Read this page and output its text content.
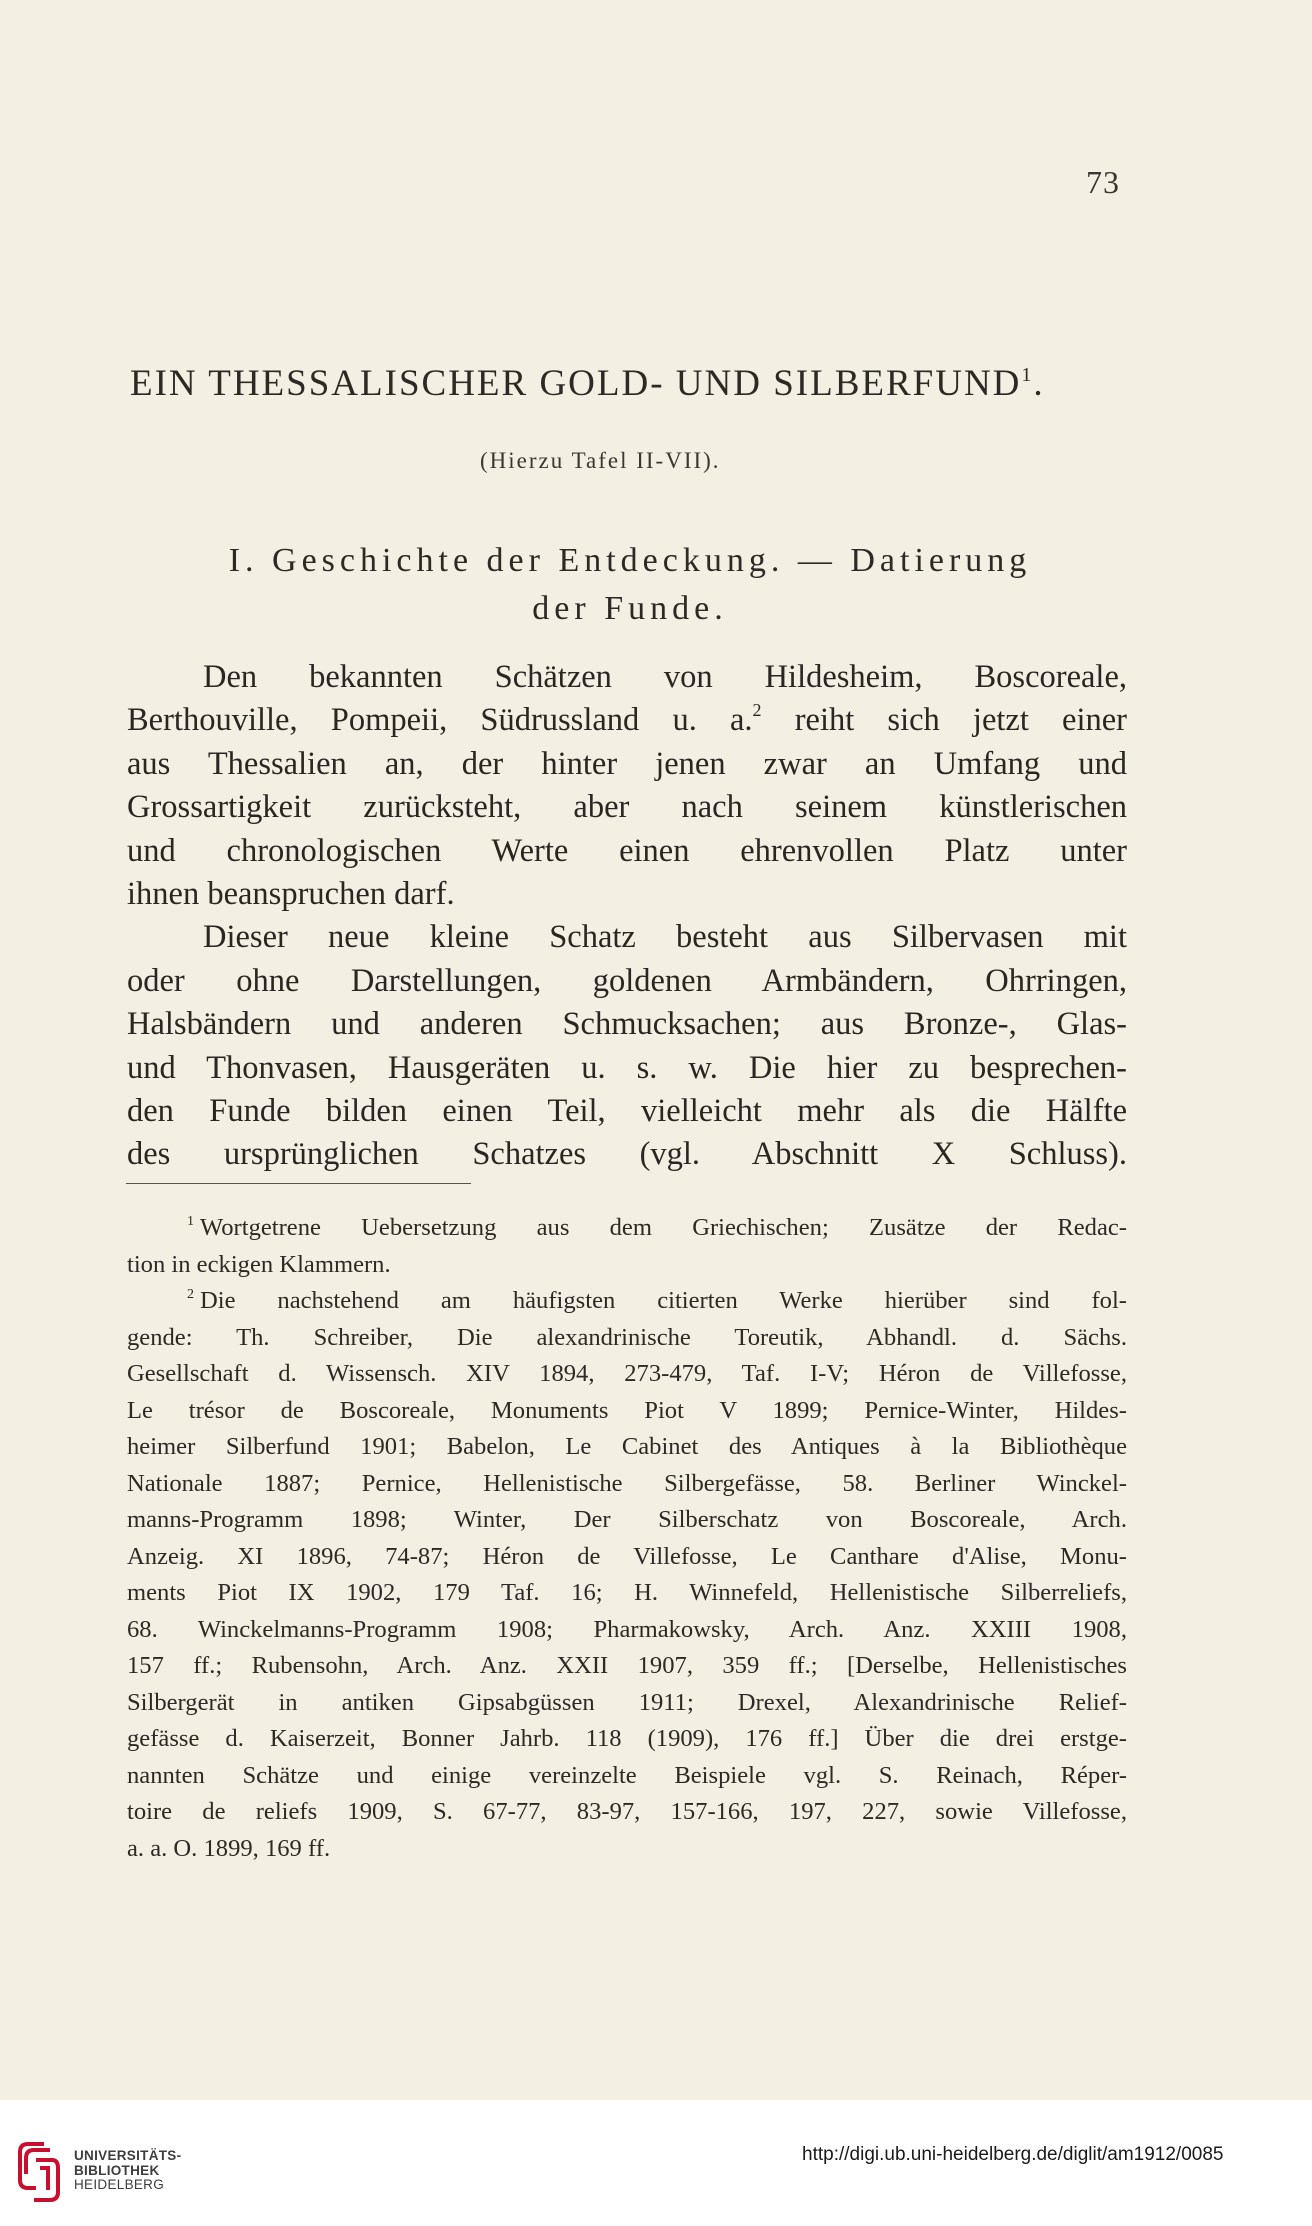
73
EIN THESSALISCHER GOLD- UND SILBERFUND$^1$.
(Hierzu Tafel II-VII).
I. Geschichte der Entdeckung. — Datierung
der Funde.
Den bekannten Schätzen von Hildesheim, Boscoreale,
Berthouville, Pompeii, Südrussland u. a.$^2$ reiht sich jetzt einer
aus Thessalien an, der hinter jenen zwar an Umfang und
Grossartigkeit zurücksteht, aber nach seinem künstlerischen
und chronologischen Werte einen ehrenvollen Platz unter
ihnen beanspruchen darf.
Dieser neue kleine Schatz besteht aus Silbervasen mit
oder ohne Darstellungen, goldenen Armbändern, Ohrringen,
Halsbändern und anderen Schmucksachen; aus Bronze-, Glas-
und Thonvasen, Hausgeräten u. s. w. Die hier zu besprechen-
den Funde bilden einen Teil, vielleicht mehr als die Hälfte
des ursprünglichen Schatzes (vgl. Abschnitt X Schluss).
$^1$ Wortgetrene Uebersetzung aus dem Griechischen; Zusätze der Redac-
tion in eckigen Klammern.
$^2$ Die nachstehend am häufigsten citierten Werke hierüber sind fol-
gende: Th. Schreiber, Die alexandrinische Toreutik, Abhandl. d. Sächs.
Gesellschaft d. Wissensch. XIV 1894, 273-479, Taf. I-V; Héron de Villefosse,
Le trésor de Boscoreale, Monuments Piot V 1899; Pernice-Winter, Hildes-
heimer Silberfund 1901; Babelon, Le Cabinet des Antiques à la Bibliothèque
Nationale 1887; Pernice, Hellenistische Silbergefässe, 58. Berliner Winckel-
manns-Programm 1898; Winter, Der Silberschatz von Boscoreale, Arch.
Anzeig. XI 1896, 74-87; Héron de Villefosse, Le Canthare d'Alise, Monu-
ments Piot IX 1902, 179 Taf. 16; H. Winnefeld, Hellenistische Silberreliefs,
68. Winckelmanns-Programm 1908; Pharmakowsky, Arch. Anz. XXIII 1908,
157 ff.; Rubensohn, Arch. Anz. XXII 1907, 359 ff.; [Derselbe, Hellenistisches
Silbergerät in antiken Gipsabgüssen 1911; Drexel, Alexandrinische Relief-
gefässe d. Kaiserzeit, Bonner Jahrb. 118 (1909), 176 ff.] Über die drei erstge-
nannten Schätze und einige vereinzelte Beispiele vgl. S. Reinach, Réper-
toire de reliefs 1909, S. 67-77, 83-97, 157-166, 197, 227, sowie Villefosse,
a. a. O. 1899, 169 ff.
UNIVERSITÄTS-
BIBLIOTHEK
HEIDELBERG
http://digi.ub.uni-heidelberg.de/diglit/am1912/0085
